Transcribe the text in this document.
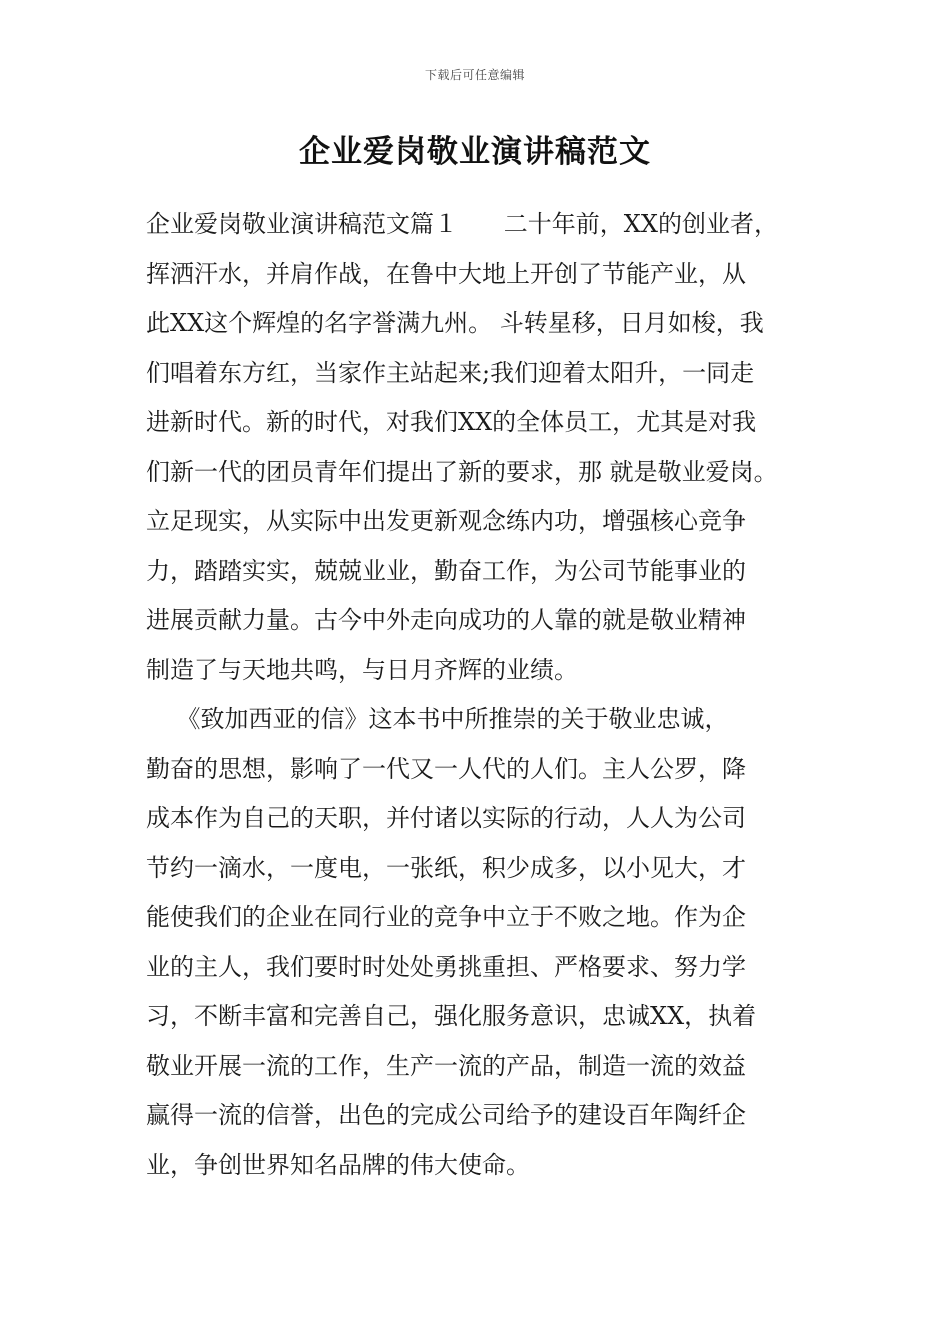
下载后可任意编辑
企业爱岗敬业演讲稿范文
企业爱岗敬业演讲稿范文篇１      二十年前，XX的创业者，
挥洒汗水，并肩作战，在鲁中大地上开创了节能产业，从
此XX这个辉煌的名字誉满九州。 斗转星移，日月如梭，我
们唱着东方红，当家作主站起来;我们迎着太阳升，一同走
进新时代。新的时代，对我们XX的全体员工，尤其是对我
们新一代的团员青年们提出了新的要求，那 就是敬业爱岗。
立足现实，从实际中出发更新观念练内功，增强核心竞争
力，踏踏实实，兢兢业业，勤奋工作，为公司节能事业的
进展贡献力量。古今中外走向成功的人靠的就是敬业精神
制造了与天地共鸣，与日月齐辉的业绩。
《致加西亚的信》这本书中所推崇的关于敬业忠诚，
勤奋的思想，影响了一代又一人代的人们。主人公罗，降
成本作为自己的天职，并付诸以实际的行动，人人为公司
节约一滴水，一度电，一张纸，积少成多，以小见大，才
能使我们的企业在同行业的竞争中立于不败之地。作为企
业的主人，我们要时时处处勇挑重担、严格要求、努力学
习，不断丰富和完善自己，强化服务意识，忠诚XX，执着
敬业开展一流的工作，生产一流的产品，制造一流的效益
赢得一流的信誉，出色的完成公司给予的建设百年陶纤企
业，争创世界知名品牌的伟大使命。
